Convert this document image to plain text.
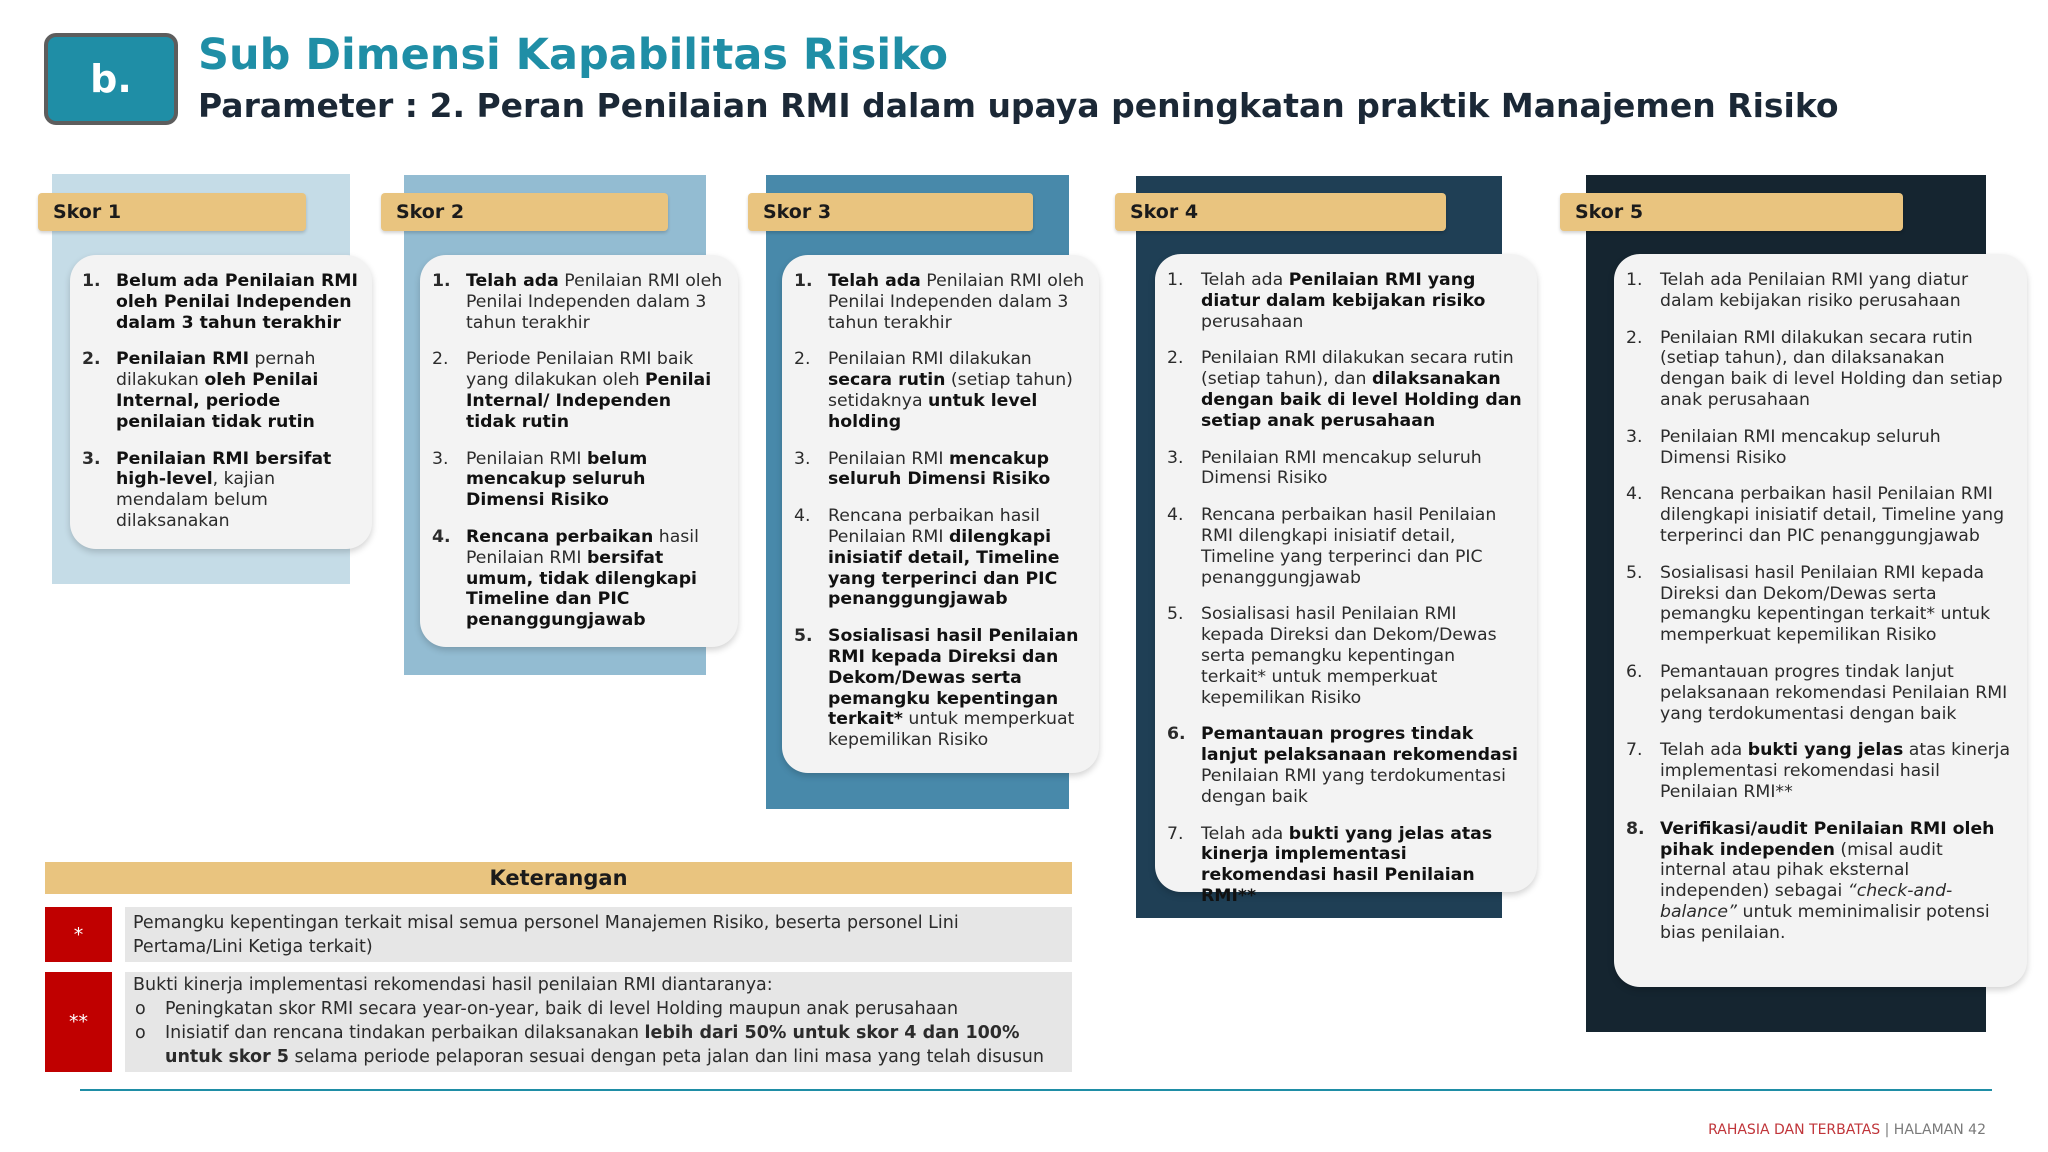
b.	Sub Dimensi Kapabilitas Risiko
Parameter : 2. Peran Penilaian RMI dalam upaya peningkatan praktik Manajemen Risiko
Skor 1
1. Belum ada Penilaian RMI oleh Penilai Independen dalam 3 tahun terakhir
2. Penilaian RMI pernah dilakukan oleh Penilai Internal, periode penilaian tidak rutin
3. Penilaian RMI bersifat high-level, kajian mendalam belum dilaksanakan
Skor 2
1. Telah ada Penilaian RMI oleh Penilai Independen dalam 3 tahun terakhir
2. Periode Penilaian RMI baik yang dilakukan oleh Penilai Internal/ Independen tidak rutin
3. Penilaian RMI belum mencakup seluruh Dimensi Risiko
4. Rencana perbaikan hasil Penilaian RMI bersifat umum, tidak dilengkapi Timeline dan PIC penanggungjawab
Skor 3
1. Telah ada Penilaian RMI oleh Penilai Independen dalam 3 tahun terakhir
2. Penilaian RMI dilakukan secara rutin (setiap tahun) setidaknya untuk level holding
3. Penilaian RMI mencakup seluruh Dimensi Risiko
4. Rencana perbaikan hasil Penilaian RMI dilengkapi inisiatif detail, Timeline yang terperinci dan PIC penanggungjawab
5. Sosialisasi hasil Penilaian RMI kepada Direksi dan Dekom/Dewas serta pemangku kepentingan terkait* untuk memperkuat kepemilikan Risiko
Skor 4
1. Telah ada Penilaian RMI yang diatur dalam kebijakan risiko perusahaan
2. Penilaian RMI dilakukan secara rutin (setiap tahun), dan dilaksanakan dengan baik di level Holding dan setiap anak perusahaan
3. Penilaian RMI mencakup seluruh Dimensi Risiko
4. Rencana perbaikan hasil Penilaian RMI dilengkapi inisiatif detail, Timeline yang terperinci dan PIC penanggungjawab
5. Sosialisasi hasil Penilaian RMI kepada Direksi dan Dekom/Dewas serta pemangku kepentingan terkait* untuk memperkuat kepemilikan Risiko
6. Pemantauan progres tindak lanjut pelaksanaan rekomendasi Penilaian RMI yang terdokumentasi dengan baik
7. Telah ada bukti yang jelas atas kinerja implementasi rekomendasi hasil Penilaian RMI**
Skor 5
1. Telah ada Penilaian RMI yang diatur dalam kebijakan risiko perusahaan
2. Penilaian RMI dilakukan secara rutin (setiap tahun), dan dilaksanakan dengan baik di level Holding dan setiap anak perusahaan
3. Penilaian RMI mencakup seluruh Dimensi Risiko
4. Rencana perbaikan hasil Penilaian RMI dilengkapi inisiatif detail, Timeline yang terperinci dan PIC penanggungjawab
5. Sosialisasi hasil Penilaian RMI kepada Direksi dan Dekom/Dewas serta pemangku kepentingan terkait* untuk memperkuat kepemilikan Risiko
6. Pemantauan progres tindak lanjut pelaksanaan rekomendasi Penilaian RMI yang terdokumentasi dengan baik
7. Telah ada bukti yang jelas atas kinerja implementasi rekomendasi hasil Penilaian RMI**
8. Verifikasi/audit Penilaian RMI oleh pihak independen (misal audit internal atau pihak eksternal independen) sebagai “check-and-balance” untuk meminimalisir potensi bias penilaian.
Keterangan
*
Pemangku kepentingan terkait misal semua personel Manajemen Risiko, beserta personel Lini Pertama/Lini Ketiga terkait)
**
Bukti kinerja implementasi rekomendasi hasil penilaian RMI diantaranya:
o Peningkatan skor RMI secara year-on-year, baik di level Holding maupun anak perusahaan
o Inisiatif dan rencana tindakan perbaikan dilaksanakan lebih dari 50% untuk skor 4 dan 100% untuk skor 5 selama periode pelaporan sesuai dengan peta jalan dan lini masa yang telah disusun
RAHASIA DAN TERBATAS | HALAMAN 42
